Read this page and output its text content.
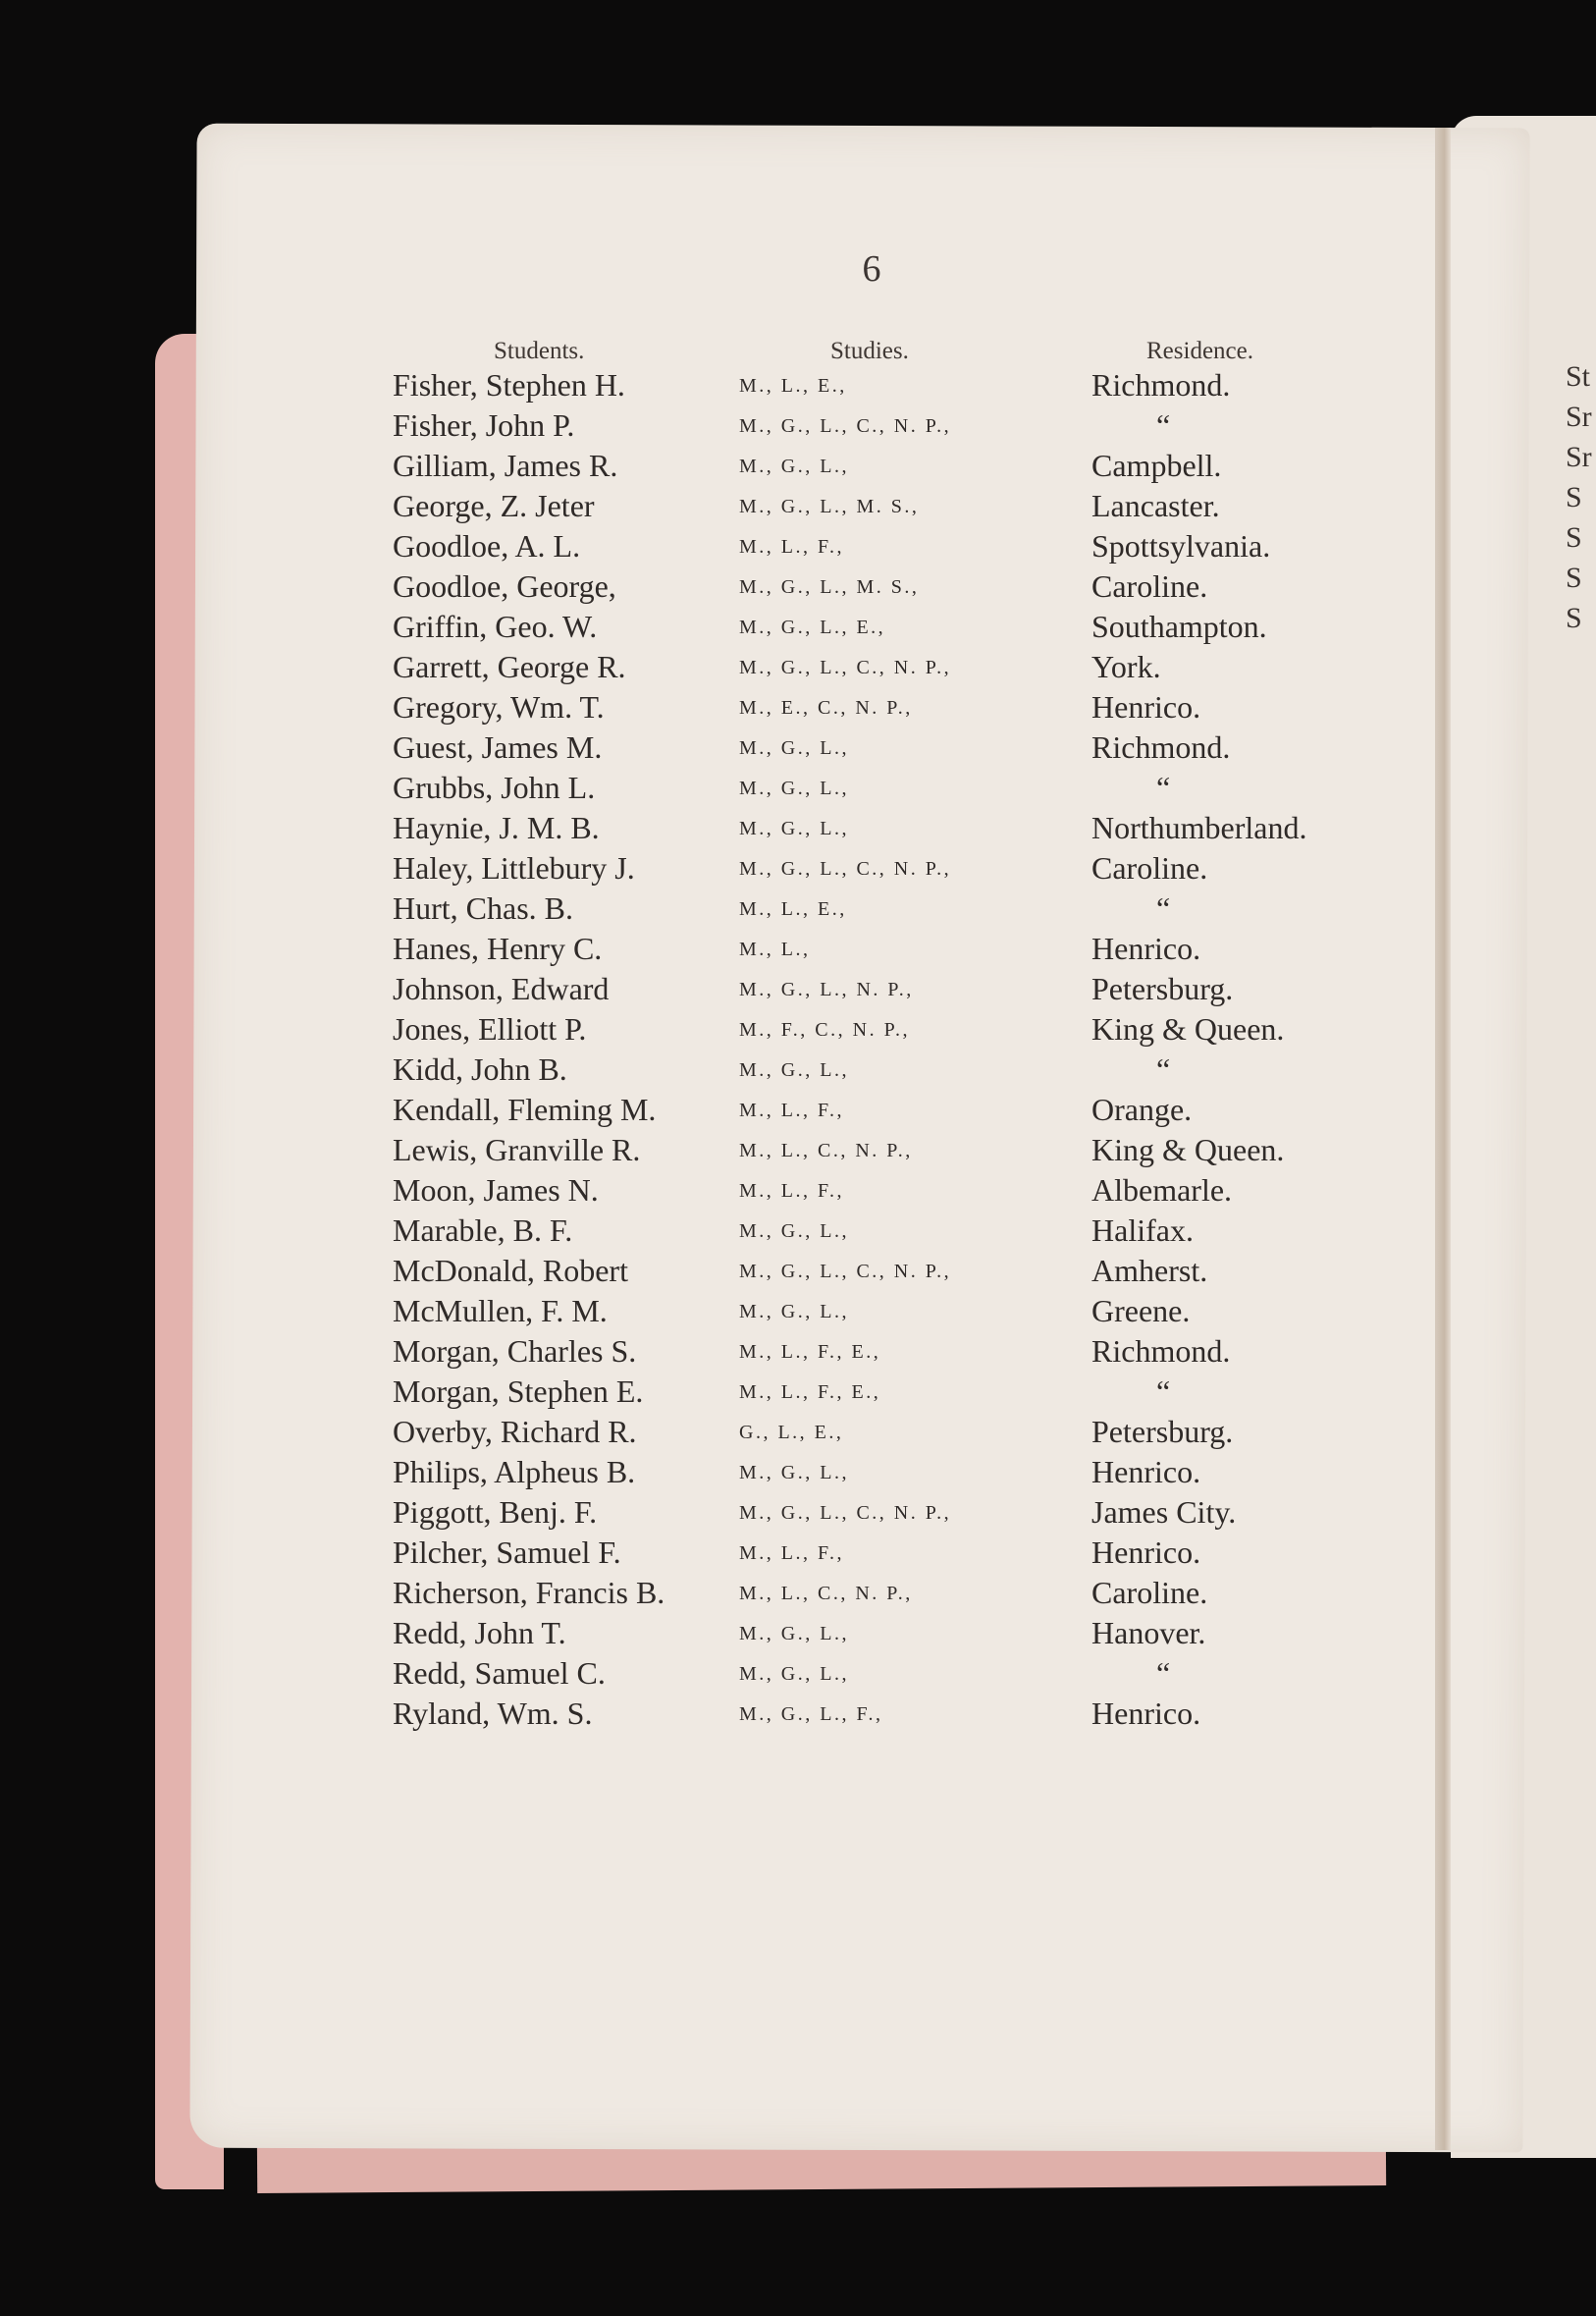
St
Sr
Sr
S
S
S
S
6
Students.	Studies.	Residence.
Fisher, Stephen H.	M., L., E.,	Richmond.
Fisher, John P.	M., G., L., C., N. P.,	“
Gilliam, James R.	M., G., L.,	Campbell.
George, Z. Jeter	M., G., L., M. S.,	Lancaster.
Goodloe, A. L.	M., L., F.,	Spottsylvania.
Goodloe, George,	M., G., L., M. S.,	Caroline.
Griffin, Geo. W.	M., G., L., E.,	Southampton.
Garrett, George R.	M., G., L., C., N. P.,	York.
Gregory, Wm. T.	M., E., C., N. P.,	Henrico.
Guest, James M.	M., G., L.,	Richmond.
Grubbs, John L.	M., G., L.,	“
Haynie, J. M. B.	M., G., L.,	Northumberland.
Haley, Littlebury J.	M., G., L., C., N. P.,	Caroline.
Hurt, Chas. B.	M., L., E.,	“
Hanes, Henry C.	M., L.,	Henrico.
Johnson, Edward	M., G., L., N. P.,	Petersburg.
Jones, Elliott P.	M., F., C., N. P.,	King & Queen.
Kidd, John B.	M., G., L.,	“
Kendall, Fleming M.	M., L., F.,	Orange.
Lewis, Granville R.	M., L., C., N. P.,	King & Queen.
Moon, James N.	M., L., F.,	Albemarle.
Marable, B. F.	M., G., L.,	Halifax.
McDonald, Robert	M., G., L., C., N. P.,	Amherst.
McMullen, F. M.	M., G., L.,	Greene.
Morgan, Charles S.	M., L., F., E.,	Richmond.
Morgan, Stephen E.	M., L., F., E.,	“
Overby, Richard R.	G., L., E.,	Petersburg.
Philips, Alpheus B.	M., G., L.,	Henrico.
Piggott, Benj. F.	M., G., L., C., N. P.,	James City.
Pilcher, Samuel F.	M., L., F.,	Henrico.
Richerson, Francis B.	M., L., C., N. P.,	Caroline.
Redd, John T.	M., G., L.,	Hanover.
Redd, Samuel C.	M., G., L.,	“
Ryland, Wm. S.	M., G., L., F.,	Henrico.
